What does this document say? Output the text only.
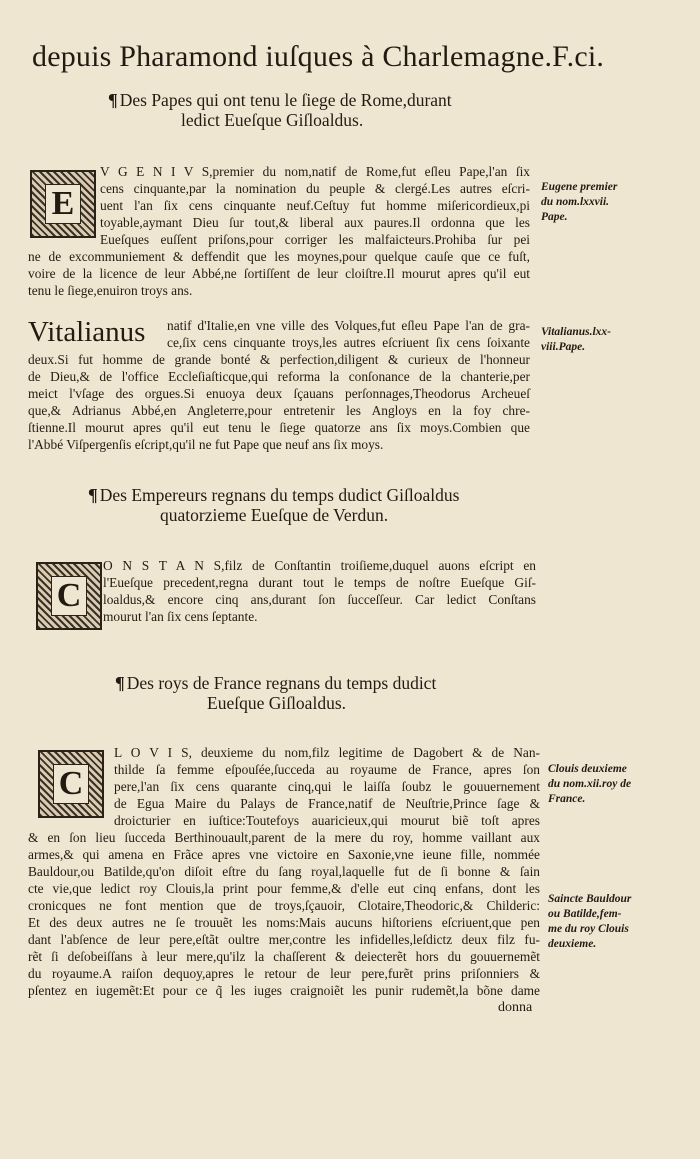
depuis Pharamond iuſques à Charlemagne.F.ci.
¶ Des Papes qui ont tenu le ſiege de Rome,durant
ledict Eueſque Giſloaldus.
E
V G E N I V S,premier du nom,natif de Rome,fut eſleu Pape,l'an ſix
cens cinquante,par la nomination du peuple & clergé.Les autres eſcri-
uent l'an ſix cens cinquante neuf.Ceſtuy fut homme miſericordieux,pi
toyable,aymant Dieu ſur tout,& liberal aux paures.Il ordonna que les
Eueſques euſſent priſons,pour corriger les malfaicteurs.Prohiba ſur pei
ne de excommuniement & deffendit que les moynes,pour quelque cauſe que ce fuſt,
voire de la licence de leur Abbé,ne ſortiſſent de leur cloiſtre.Il mourut apres qu'il eut
tenu le ſiege,enuiron troys ans.
Eugene premier
du nom.lxxvii.
Pape.
Vitalianus natif d'Italie,en vne ville des Volques,fut eſleu Pape l'an de gra-
ce,ſix cens cinquante troys,les autres eſcriuent ſix cens ſoixante
deux.Si fut homme de grande bonté & perfection,diligent & curieux de l'honneur
de Dieu,& de l'office Eccleſiaſticque,qui reforma la conſonance de la chanterie,per
meict l'vſage des orgues.Si enuoya deux ſçauans perſonnages,Theodorus Archeueſ
que,& Adrianus Abbé,en Angleterre,pour entretenir les Angloys en la foy chre-
ſtienne.Il mourut apres qu'il eut tenu le ſiege quatorze ans ſix moys.Combien que
l'Abbé Viſpergenſis eſcript,qu'il ne fut Pape que neuf ans ſix moys.
Vitalianus.lxx-
viii.Pape.
¶ Des Empereurs regnans du temps dudict Giſloaldus
quatorzieme Eueſque de Verdun.
C
O N S T A N S,filz de Conſtantin troiſieme,duquel auons eſcript en
l'Eueſque precedent,regna durant tout le temps de noſtre Eueſque Giſ-
loaldus,& encore cinq ans,durant ſon ſucceſſeur. Car ledict Conſtans
mourut l'an ſix cens ſeptante.
¶ Des roys de France regnans du temps dudict
Eueſque Giſloaldus.
C
L O V I S, deuxieme du nom,filz legitime de Dagobert & de Nan-
thilde ſa femme eſpouſée,ſucceda au royaume de France, apres ſon
pere,l'an ſix cens quarante cinq,qui le laiſſa ſoubz le gouuernement
de Egua Maire du Palays de France,natif de Neuſtrie,Prince ſage &
droicturier en iuſtice:Toutefoys auaricieux,qui mourut biẽ toſt apres
& en ſon lieu ſucceda Berthinouault,parent de la mere du roy, homme vaillant aux
armes,& qui amena en Frãce apres vne victoire en Saxonie,vne ieune fille, nommée
Bauldour,ou Batilde,qu'on diſoit eſtre du ſang royal,laquelle fut de ſi bonne & ſain
cte vie,que ledict roy Clouis,la print pour femme,& d'elle eut cinq enfans, dont les
cronicques ne font mention que de troys,ſçauoir, Clotaire,Theodoric,& Childeric:
Et des deux autres ne ſe trouuẽt les noms:Mais aucuns hiſtoriens eſcriuent,que pen
dant l'abſence de leur pere,eſtãt oultre mer,contre les infidelles,leſdictz deux filz fu-
rẽt ſi deſobeiſſans à leur mere,qu'ilz la chaſſerent & deiecterẽt hors du gouuernemẽt
du royaume.A raiſon dequoy,apres le retour de leur pere,furẽt prins priſonniers &
pſentez en iugemẽt:Et pour ce q̃ les iuges craignoiẽt les punir rudemẽt,la bõne dame
donna
Clouis deuxieme
du nom.xii.roy de
France.
Saincte Bauldour
ou Batilde,fem-
me du roy Clouis
deuxieme.
